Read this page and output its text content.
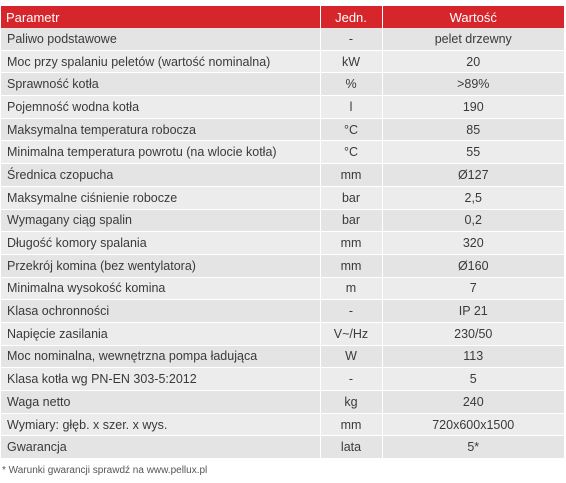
Parametr	Jedn.	Wartość
Paliwo podstawowe	-	pelet drzewny
Moc przy spalaniu peletów (wartość nominalna)	kW	20
Sprawność kotła	%	>89%
Pojemność wodna kotła	l	190
Maksymalna temperatura robocza	°C	85
Minimalna temperatura powrotu (na wlocie kotła)	°C	55
Średnica czopucha	mm	Ø127
Maksymalne ciśnienie robocze	bar	2,5
Wymagany ciąg spalin	bar	0,2
Długość komory spalania	mm	320
Przekrój komina (bez wentylatora)	mm	Ø160
Minimalna wysokość komina	m	7
Klasa ochronności	-	IP 21
Napięcie zasilania	V~/Hz	230/50
Moc nominalna, wewnętrzna pompa ładująca	W	113
Klasa kotła wg PN-EN 303-5:2012	-	5
Waga netto	kg	240
Wymiary: głęb. x szer. x wys.	mm	720x600x1500
Gwarancja	lata	5*
* Warunki gwarancji sprawdź na www.pellux.pl
